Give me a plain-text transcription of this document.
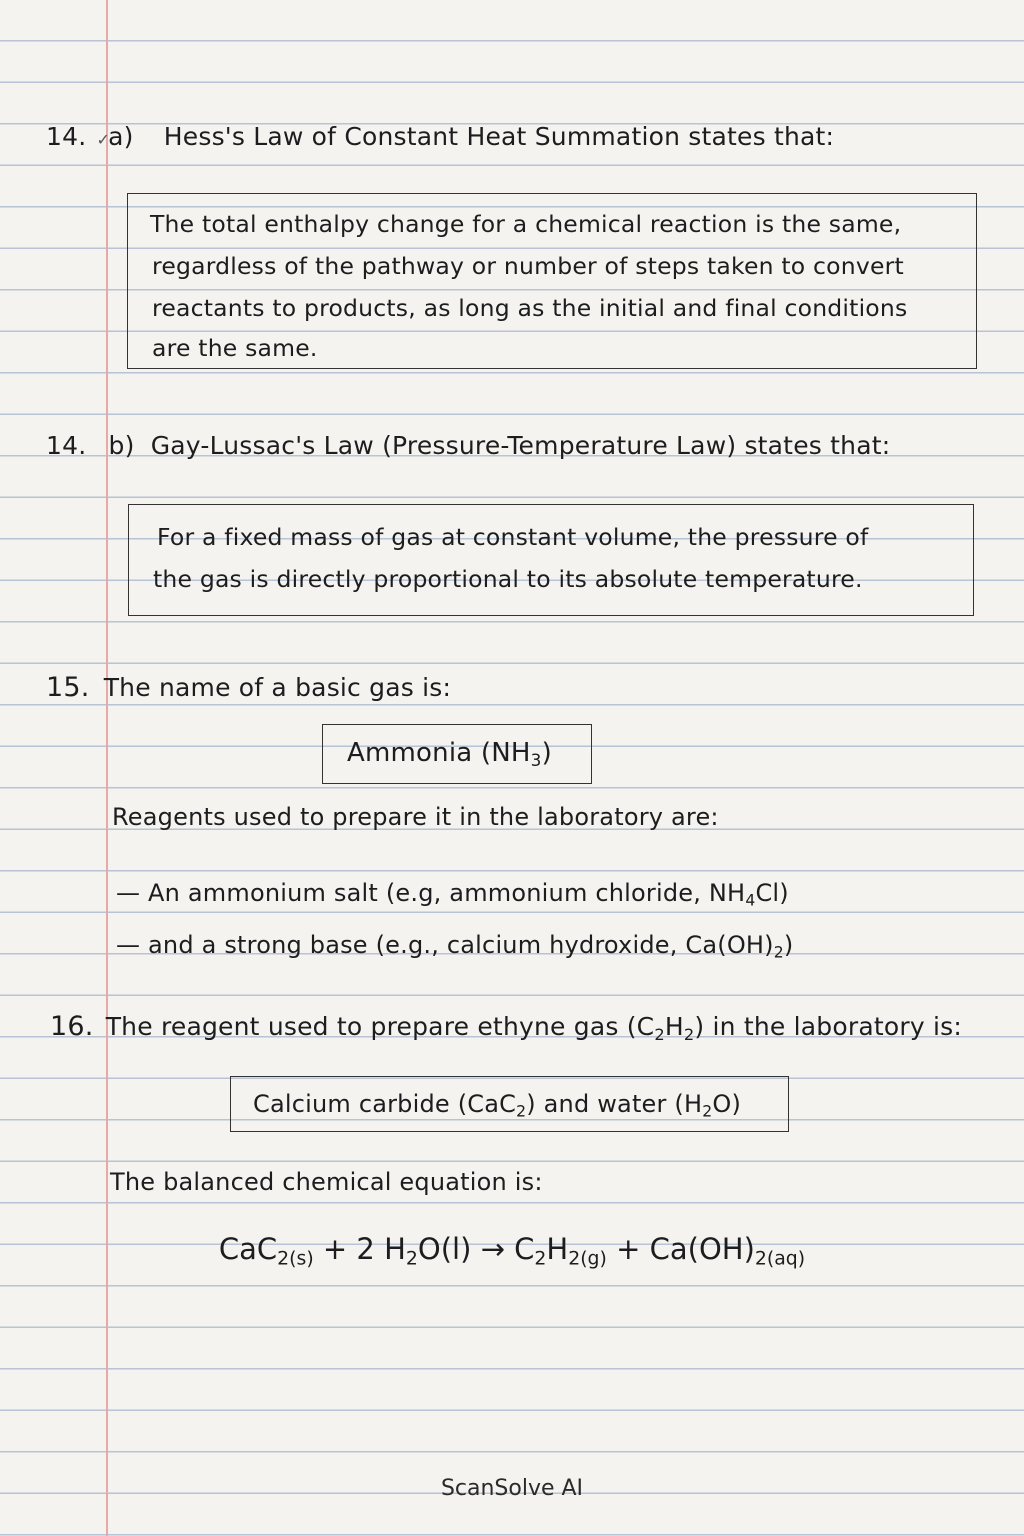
14. ✓a) Hess's Law of Constant Heat Summation states that:
The total enthalpy change for a chemical reaction is the same,
regardless of the pathway or number of steps taken to convert
reactants to products, as long as the initial and final conditions
are the same.
14. b) Gay-Lussac's Law (Pressure-Temperature Law) states that:
For a fixed mass of gas at constant volume, the pressure of
the gas is directly proportional to its absolute temperature.
15. The name of a basic gas is:
Ammonia $(NH_3)$
Reagents used to prepare it in the laboratory are:
— An ammonium salt (e.g, ammonium chloride, $NH_4Cl$)
— and a strong base (e.g., calcium hydroxide, $Ca(OH)_2$)
16. The reagent used to prepare ethyne gas $(C_2H_2)$ in the laboratory is:
Calcium carbide (CaC$_2$) and water $(H_2O)$
The balanced chemical equation is:
CaC$_{2(s)}$ + 2 $H_2O(l) \to C_2H_{2(g)} + Ca(OH)_{2(aq)}$
ScanSolve AI
